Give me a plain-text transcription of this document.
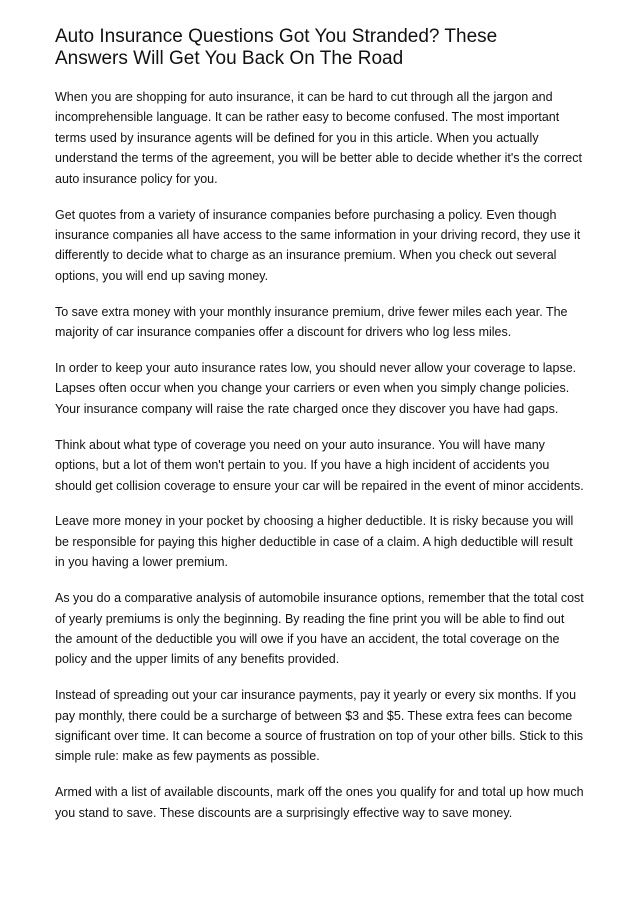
Auto Insurance Questions Got You Stranded? These
Answers Will Get You Back On The Road

When you are shopping for auto insurance, it can be hard to cut through all the jargon and incomprehensible language. It can be rather easy to become confused. The most important terms used by insurance agents will be defined for you in this article. When you actually understand the terms of the agreement, you will be better able to decide whether it's the correct auto insurance policy for you.

Get quotes from a variety of insurance companies before purchasing a policy. Even though insurance companies all have access to the same information in your driving record, they use it differently to decide what to charge as an insurance premium. When you check out several options, you will end up saving money.

To save extra money with your monthly insurance premium, drive fewer miles each year. The majority of car insurance companies offer a discount for drivers who log less miles.

In order to keep your auto insurance rates low, you should never allow your coverage to lapse. Lapses often occur when you change your carriers or even when you simply change policies. Your insurance company will raise the rate charged once they discover you have had gaps.

Think about what type of coverage you need on your auto insurance. You will have many options, but a lot of them won't pertain to you. If you have a high incident of accidents you should get collision coverage to ensure your car will be repaired in the event of minor accidents.

Leave more money in your pocket by choosing a higher deductible. It is risky because you will be responsible for paying this higher deductible in case of a claim. A high deductible will result in you having a lower premium.

As you do a comparative analysis of automobile insurance options, remember that the total cost of yearly premiums is only the beginning. By reading the fine print you will be able to find out the amount of the deductible you will owe if you have an accident, the total coverage on the policy and the upper limits of any benefits provided.

Instead of spreading out your car insurance payments, pay it yearly or every six months. If you pay monthly, there could be a surcharge of between $3 and $5. These extra fees can become significant over time. It can become a source of frustration on top of your other bills. Stick to this simple rule: make as few payments as possible.

Armed with a list of available discounts, mark off the ones you qualify for and total up how much you stand to save. These discounts are a surprisingly effective way to save money.
